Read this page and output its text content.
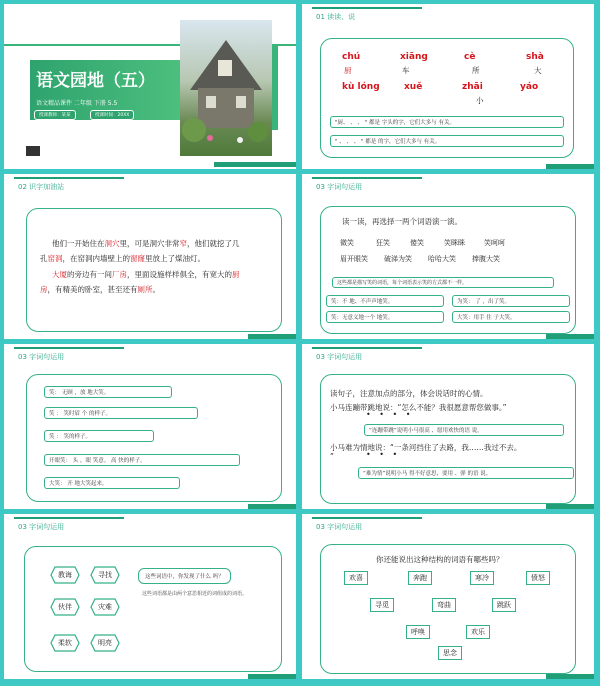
语文园地（五）
语文精品课件 二年级 下册 5.5
授课教师：某某	授课时间：20XX
01 读读、说
chú	xiāng	cè	shà
厨	车	所	大
kù lóng	xuě	zhāi	yáo
小
"厨、 、 、 " 都是 字头的字，它们大多与 有关。
" 、 、 、 " 都是 的字，它们大多与 有关。
02 识字加油站
他们一开始住在洞穴里，可是洞穴非常窄，他们就挖了几
孔窑洞，在窑洞内墙壁上的窗窿里放上了煤油灯。
大厦的旁边有一间厂房，里面设施样样俱全，有宽大的厨
房，有精美的卧室，甚至还有厕所。
03 字词句运用
读一读，再选择一两个词语演一演。
微笑	狂笑	傻笑	笑眯眯	笑呵呵
眉开眼笑 破涕为笑 哈哈大笑 捧腹大笑
这些都是描写笑的词语，每个词语表示笑的方式都不一样。
笑：不 地、不声声地笑。	为笑： 了 ，出了笑。
笑：无意义地一个 地笑。	大笑：用手 住 子大笑。
03 字词句运用
笑： 无顾 ，放 地大笑。
笑 ： 笑时眉 个 的样子。
笑 ： 笑的样子。
开眼笑： 头 ，眼 笑意。 高 快的样子。
大笑： 开 地大笑起来。
03 字词句运用
读句子，注意加点的部分，体会说话时的心情。
小马连蹦带跳地说：“怎么不能？我很愿意帮您做事。”
• • • •
“连蹦带跳”说明小马很高 、愿用欢快的语 说。
小马难为情地说：“一条河挡住了去路，我……我过不去。
”	• • •
“难为情”说明小马 得不好意思，要用 、弹 的语 说。
03 字词句运用
教诲	寻找
伙伴	灾难
柔软	明亮
这些词语中，你发现了什么 吗？
这些词语都是由两个意思相近的词组成的词语。
03 字词句运用
你还能说出这种结构的词语有哪些吗？
欢喜	奔跑	寒冷	愤怒
寻觅	弯曲	跳跃
呼唤	欢乐
思念
